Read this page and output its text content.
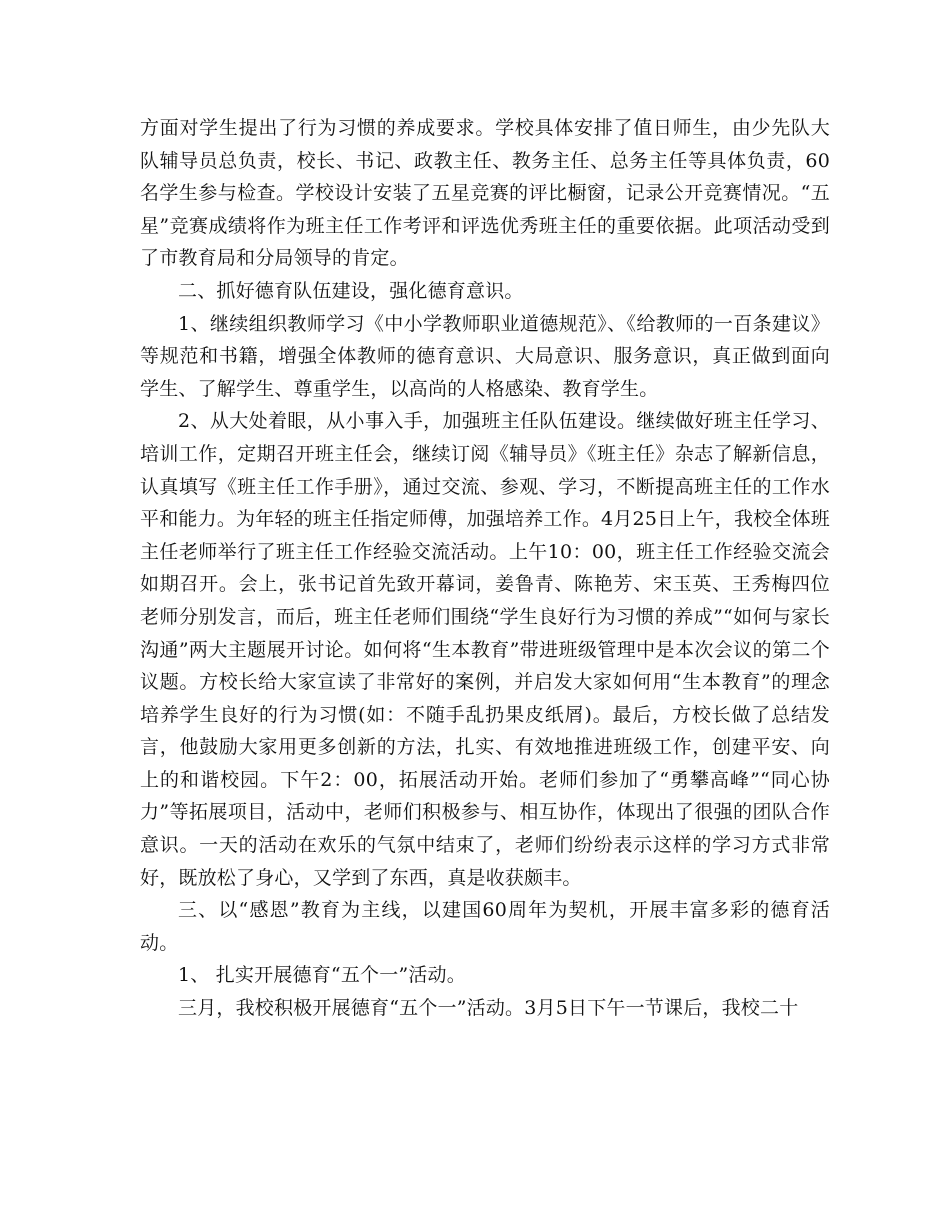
方面对学生提出了行为习惯的养成要求。学校具体安排了值日师生，由少先队大队辅导员总负责，校长、书记、政教主任、教务主任、总务主任等具体负责，60名学生参与检查。学校设计安装了五星竞赛的评比橱窗，记录公开竞赛情况。“五星”竞赛成绩将作为班主任工作考评和评选优秀班主任的重要依据。此项活动受到了市教育局和分局领导的肯定。

二、抓好德育队伍建设，强化德育意识。

1、继续组织教师学习《中小学教师职业道德规范》、《给教师的一百条建议》等规范和书籍，增强全体教师的德育意识、大局意识、服务意识，真正做到面向学生、了解学生、尊重学生，以高尚的人格感染、教育学生。

2、从大处着眼，从小事入手，加强班主任队伍建设。继续做好班主任学习、培训工作，定期召开班主任会，继续订阅《辅导员》《班主任》杂志了解新信息，认真填写《班主任工作手册》，通过交流、参观、学习，不断提高班主任的工作水平和能力。为年轻的班主任指定师傅，加强培养工作。4月25日上午，我校全体班主任老师举行了班主任工作经验交流活动。上午10：00，班主任工作经验交流会如期召开。会上，张书记首先致开幕词，姜鲁青、陈艳芳、宋玉英、王秀梅四位老师分别发言，而后，班主任老师们围绕“学生良好行为习惯的养成”“如何与家长沟通”两大主题展开讨论。如何将“生本教育”带进班级管理中是本次会议的第二个议题。方校长给大家宣读了非常好的案例，并启发大家如何用“生本教育”的理念培养学生良好的行为习惯(如：不随手乱扔果皮纸屑)。最后，方校长做了总结发言，他鼓励大家用更多创新的方法，扎实、有效地推进班级工作，创建平安、向上的和谐校园。下午2：00，拓展活动开始。老师们参加了“勇攀高峰”“同心协力”等拓展项目，活动中，老师们积极参与、相互协作，体现出了很强的团队合作意识。一天的活动在欢乐的气氛中结束了，老师们纷纷表示这样的学习方式非常好，既放松了身心，又学到了东西，真是收获颇丰。

三、以“感恩”教育为主线，以建国60周年为契机，开展丰富多彩的德育活动。

1、 扎实开展德育“五个一”活动。

三月，我校积极开展德育“五个一”活动。3月5日下午一节课后，我校二十
